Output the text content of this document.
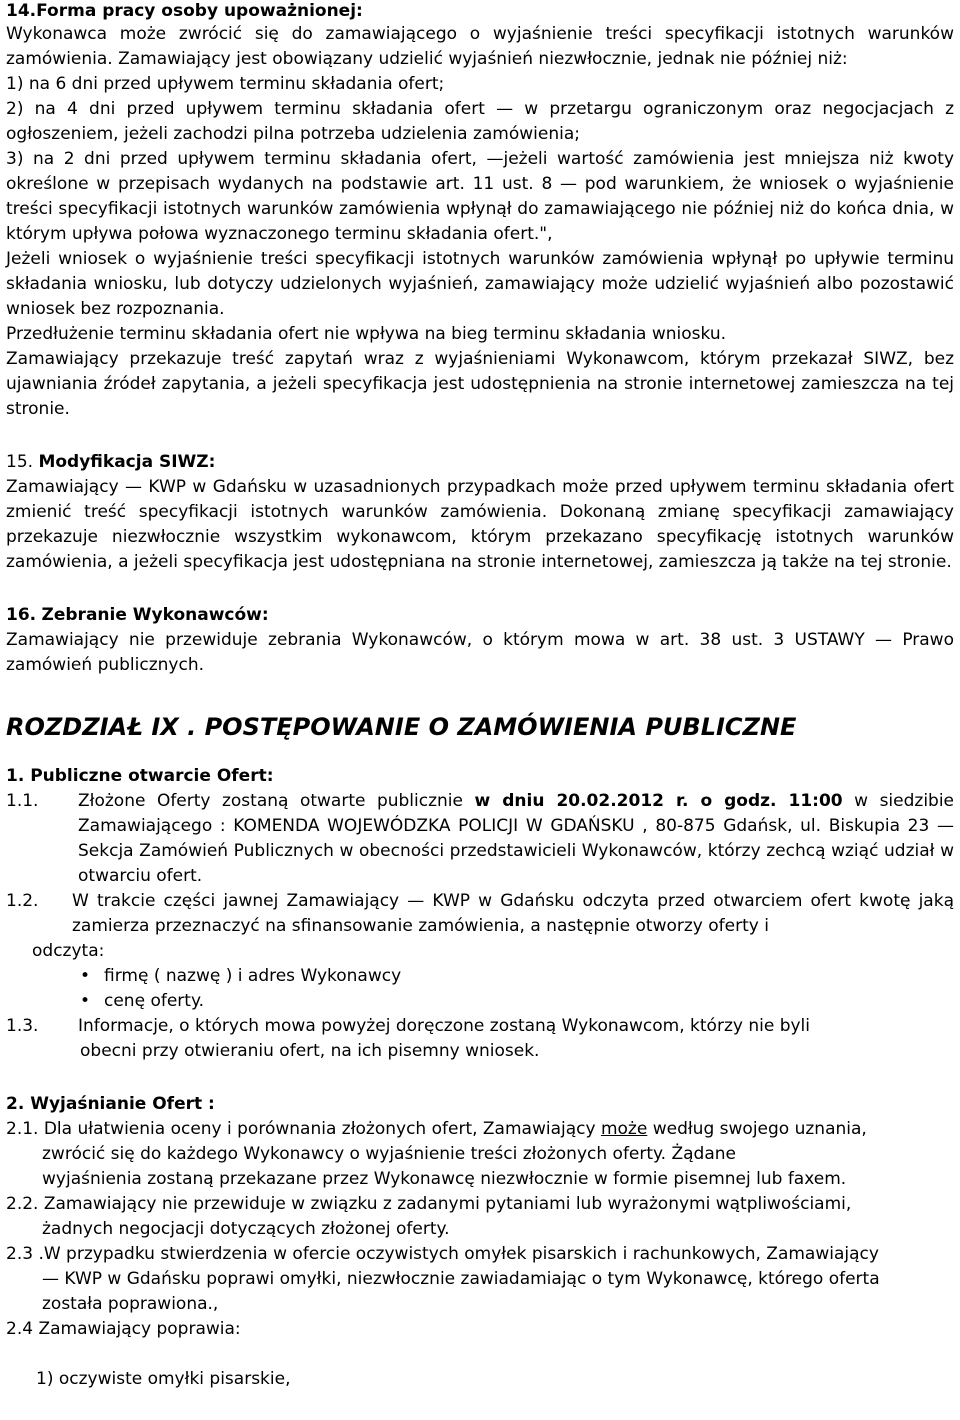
14.Forma pracy osoby upoważnionej:

Wykonawca może zwrócić się do zamawiającego o wyjaśnienie treści specyfikacji istotnych warunków zamówienia. Zamawiający jest obowiązany udzielić wyjaśnień niezwłocznie, jednak nie później niż:

1) na 6 dni przed upływem terminu składania ofert;

2) na 4 dni przed upływem terminu składania ofert — w przetargu ograniczonym oraz negocjacjach z ogłoszeniem, jeżeli zachodzi pilna potrzeba udzielenia zamówienia;

3) na 2 dni przed upływem terminu składania ofert, —jeżeli wartość zamówienia jest mniejsza niż kwoty określone w przepisach wydanych na podstawie art. 11 ust. 8 — pod warunkiem, że wniosek o wyjaśnienie treści specyfikacji istotnych warunków zamówienia wpłynął do zamawiającego nie później niż do końca dnia, w którym upływa połowa wyznaczonego terminu składania ofert.",

Jeżeli wniosek o wyjaśnienie treści specyfikacji istotnych warunków zamówienia wpłynął po upływie terminu składania wniosku, lub dotyczy udzielonych wyjaśnień, zamawiający może udzielić wyjaśnień albo pozostawić wniosek bez rozpoznania.

Przedłużenie terminu składania ofert nie wpływa na bieg terminu składania wniosku.

Zamawiający przekazuje treść zapytań wraz z wyjaśnieniami Wykonawcom, którym przekazał SIWZ, bez ujawniania źródeł zapytania, a jeżeli specyfikacja jest udostępnienia na stronie internetowej zamieszcza na tej stronie.

15. Modyfikacja SIWZ:

Zamawiający — KWP w Gdańsku w uzasadnionych przypadkach może przed upływem terminu składania ofert zmienić treść specyfikacji istotnych warunków zamówienia. Dokonaną zmianę specyfikacji zamawiający przekazuje niezwłocznie wszystkim wykonawcom, którym przekazano specyfikację istotnych warunków zamówienia, a jeżeli specyfikacja jest udostępniana na stronie internetowej, zamieszcza ją także na tej stronie.

16. Zebranie Wykonawców:

Zamawiający nie przewiduje zebrania Wykonawców, o którym mowa w art. 38 ust. 3 USTAWY — Prawo zamówień publicznych.

ROZDZIAŁ IX . POSTĘPOWANIE O ZAMÓWIENIA PUBLICZNE

1. Publiczne otwarcie Ofert:

1.1.	Złożone Oferty zostaną otwarte publicznie w dniu 20.02.2012 r. o godz. 11:00 w siedzibie Zamawiającego : KOMENDA WOJEWÓDZKA POLICJI W GDAŃSKU , 80-875 Gdańsk, ul. Biskupia 23 — Sekcja Zamówień Publicznych w obecności przedstawicieli Wykonawców, którzy zechcą wziąć udział w otwarciu ofert.

1.2.	W trakcie części jawnej Zamawiający — KWP w Gdańsku odczyta przed otwarciem ofert kwotę jaką zamierza przeznaczyć na sfinansowanie zamówienia, a następnie otworzy oferty i

odczyta:

• firmę ( nazwę ) i adres Wykonawcy
• cenę oferty.
1.3.	Informacje, o których mowa powyżej doręczone zostaną Wykonawcom, którzy nie byli

obecni przy otwieraniu ofert, na ich pisemny wniosek.

2. Wyjaśnianie Ofert :

2.1. Dla ułatwienia oceny i porównania złożonych ofert, Zamawiający może według swojego uznania,

zwrócić się do każdego Wykonawcy o wyjaśnienie treści złożonych oferty. Żądane

wyjaśnienia zostaną przekazane przez Wykonawcę niezwłocznie w formie pisemnej lub faxem.

2.2. Zamawiający nie przewiduje w związku z zadanymi pytaniami lub wyrażonymi wątpliwościami,

żadnych negocjacji dotyczących złożonej oferty.

2.3 .W przypadku stwierdzenia w ofercie oczywistych omyłek pisarskich i rachunkowych, Zamawiający

— KWP w Gdańsku poprawi omyłki, niezwłocznie zawiadamiając o tym Wykonawcę, którego oferta

została poprawiona.,

2.4 Zamawiający poprawia:

1) oczywiste omyłki pisarskie,
